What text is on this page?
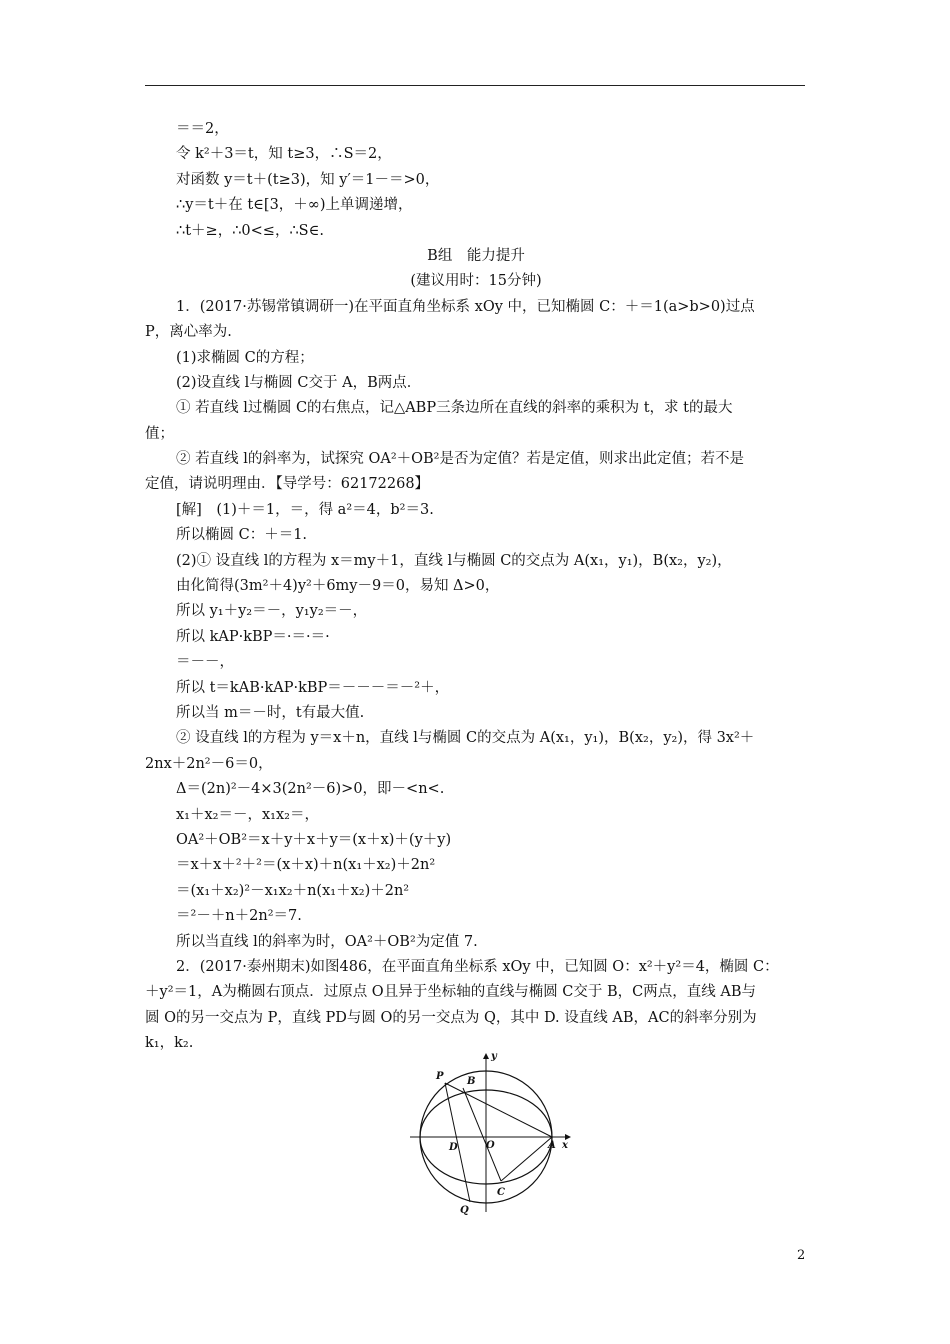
＝＝2，
令 k²＋3＝t，知 t≥3，∴S＝2，
对函数 y＝t＋(t≥3)，知 y′＝1－＝>0，
∴y＝t＋在 t∈[3，＋∞)上单调递增，
∴t＋≥，∴0<≤，∴S∈.
B组　能力提升
(建议用时：15分钟)
1．(2017·苏锡常镇调研一)在平面直角坐标系 xOy 中，已知椭圆 C：＋＝1(a>b>0)过点
P，离心率为.
(1)求椭圆 C的方程；
(2)设直线 l与椭圆 C交于 A，B两点．
① 若直线 l过椭圆 C的右焦点，记△ABP三条边所在直线的斜率的乘积为 t，求 t的最大
值；
② 若直线 l的斜率为，试探究 OA²＋OB²是否为定值？若是定值，则求出此定值；若不是
定值，请说明理由．【导学号：62172268】
[解]　(1)＋＝1，＝，得 a²＝4，b²＝3.
所以椭圆 C：＋＝1.
(2)① 设直线 l的方程为 x＝my＋1，直线 l与椭圆 C的交点为 A(x₁，y₁)，B(x₂，y₂)，
由化简得(3m²＋4)y²＋6my－9＝0，易知 Δ>0，
所以 y₁＋y₂＝－，y₁y₂＝－，
所以 kAP·kBP＝·＝·＝·
＝－－，
所以 t＝kAB·kAP·kBP＝－－－＝－²＋，
所以当 m＝－时，t有最大值.
② 设直线 l的方程为 y＝x＋n，直线 l与椭圆 C的交点为 A(x₁，y₁)，B(x₂，y₂)，得 3x²＋
2nx＋2n²－6＝0，
Δ＝(2n)²－4×3(2n²－6)>0，即－<n<.
x₁＋x₂＝－，x₁x₂＝，
OA²＋OB²＝x＋y＋x＋y＝(x＋x)＋(y＋y)
＝x＋x＋²＋²＝(x＋x)＋n(x₁＋x₂)＋2n²
＝(x₁＋x₂)²－x₁x₂＋n(x₁＋x₂)＋2n²
＝²－＋n＋2n²＝7.
所以当直线 l的斜率为时，OA²＋OB²为定值 7.
2．(2017·泰州期末)如图486，在平面直角坐标系 xOy 中，已知圆 O：x²＋y²＝4，椭圆 C：
＋y²＝1，A为椭圆右顶点．过原点 O且异于坐标轴的直线与椭圆 C交于 B，C两点，直线 AB与
圆 O的另一交点为 P，直线 PD与圆 O的另一交点为 Q，其中 D. 设直线 AB，AC的斜率分别为
k₁，k₂.
P B
y
D	O	A x
C
Q
2
